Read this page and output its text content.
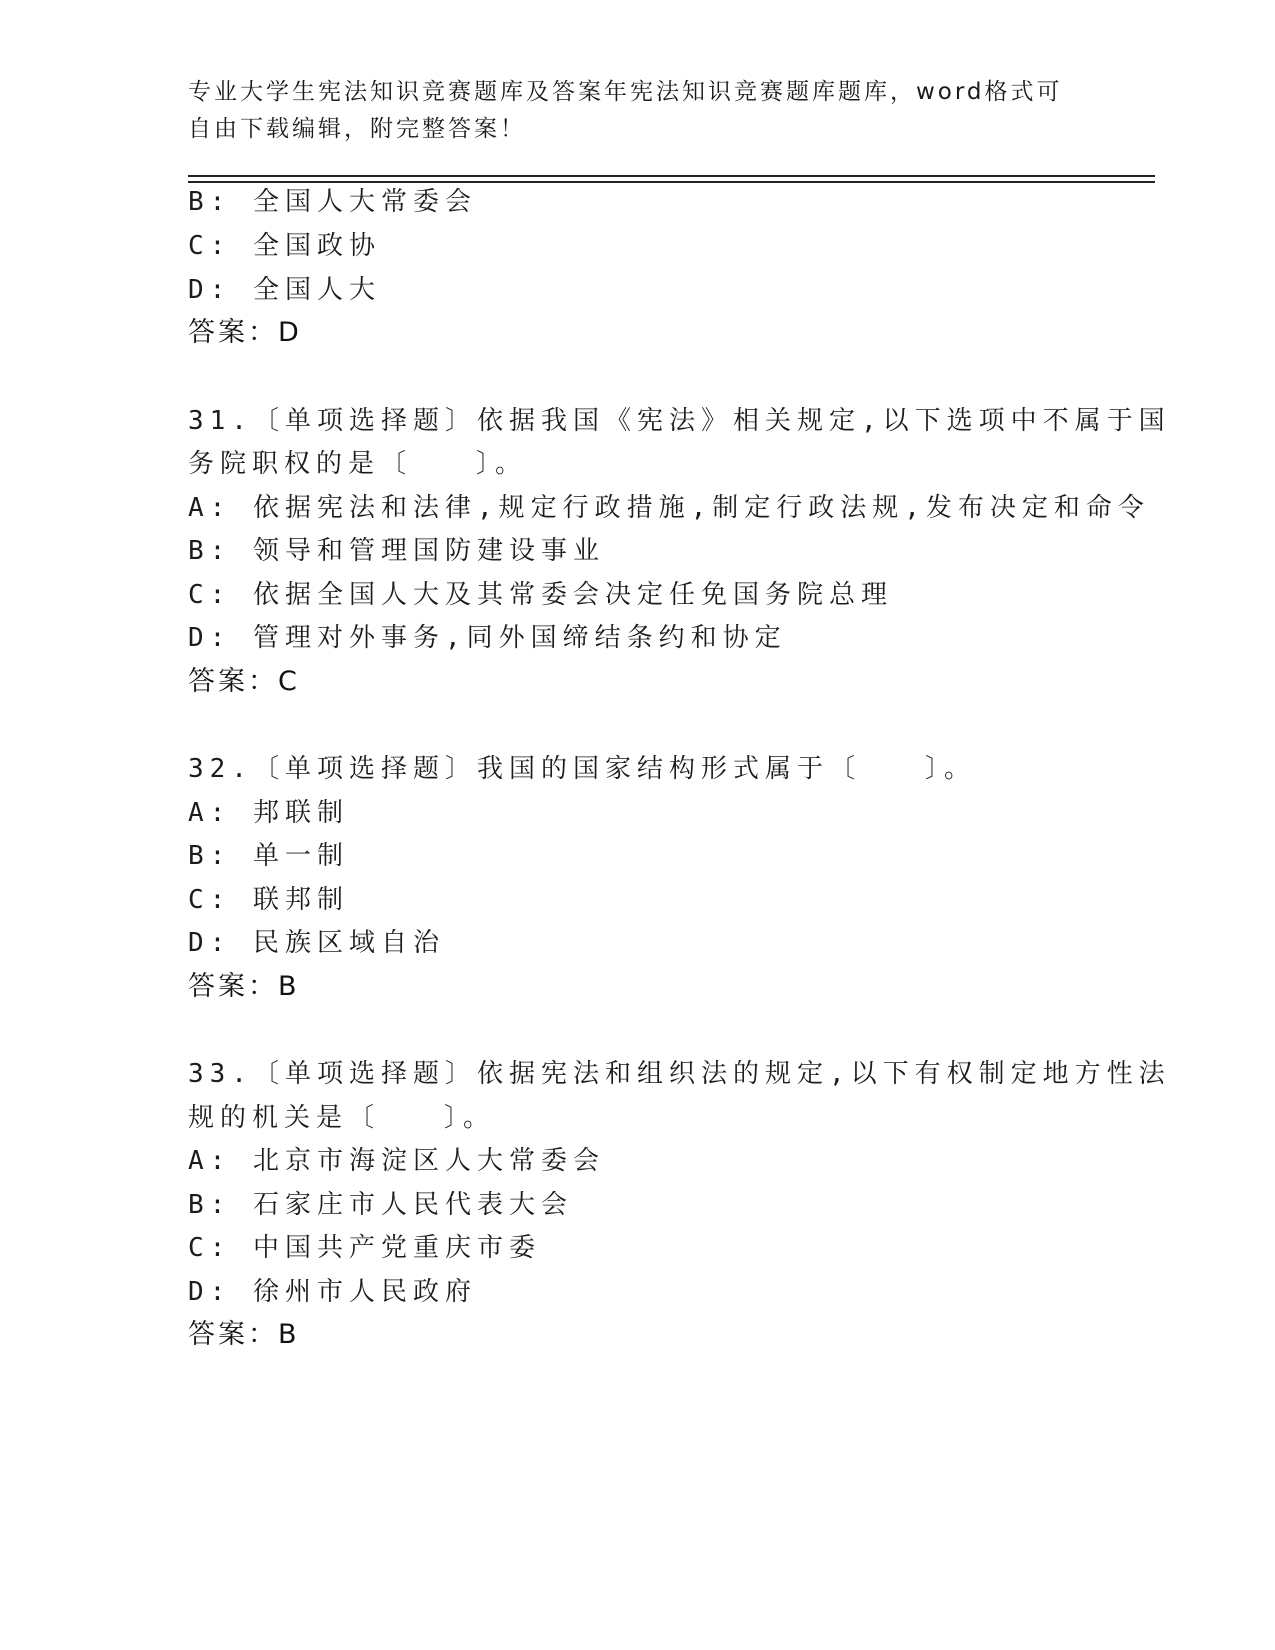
专业大学生宪法知识竞赛题库及答案年宪法知识竞赛题库题库，word格式可自由下载编辑，附完整答案！
B: 全国人大常委会
C: 全国政协
D: 全国人大
答案：D
31.〔单项选择题〕依据我国《宪法》相关规定,以下选项中不属于国
务院职权的是〔　　〕。
A: 依据宪法和法律,规定行政措施,制定行政法规,发布决定和命令
B: 领导和管理国防建设事业
C: 依据全国人大及其常委会决定任免国务院总理
D: 管理对外事务,同外国缔结条约和协定
答案：C
32.〔单项选择题〕我国的国家结构形式属于〔　　〕。
A: 邦联制
B: 单一制
C: 联邦制
D: 民族区域自治
答案：B
33.〔单项选择题〕依据宪法和组织法的规定,以下有权制定地方性法
规的机关是〔　　〕。
A: 北京市海淀区人大常委会
B: 石家庄市人民代表大会
C: 中国共产党重庆市委
D: 徐州市人民政府
答案：B
